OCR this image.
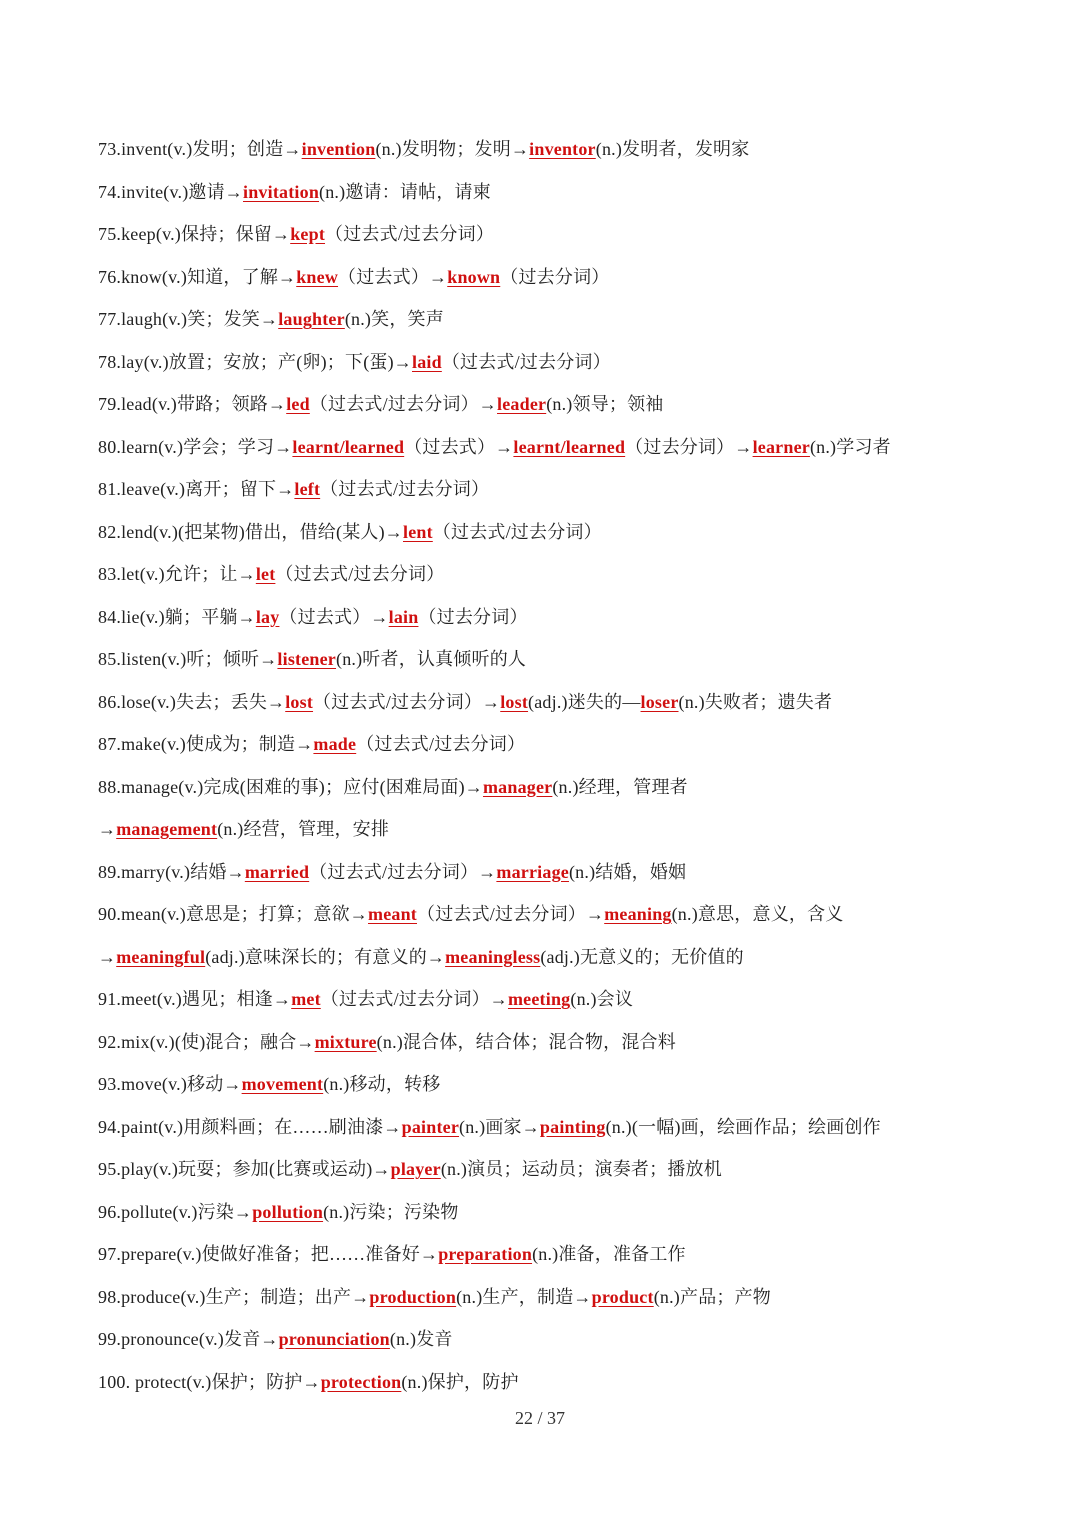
73.invent(v.)发明；创造→invention(n.)发明物；发明→inventor(n.)发明者，发明家
74.invite(v.)邀请→invitation(n.)邀请：请帖，请柬
75.keep(v.)保持；保留→kept（过去式/过去分词）
76.know(v.)知道，了解→knew（过去式）→known（过去分词）
77.laugh(v.)笑；发笑→laughter(n.)笑，笑声
78.lay(v.)放置；安放；产(卵)；下(蛋)→laid（过去式/过去分词）
79.lead(v.)带路；领路→led（过去式/过去分词）→leader(n.)领导；领袖
80.learn(v.)学会；学习→learnt/learned（过去式）→learnt/learned（过去分词）→learner(n.)学习者
81.leave(v.)离开；留下→left（过去式/过去分词）
82.lend(v.)(把某物)借出，借给(某人)→lent（过去式/过去分词）
83.let(v.)允许；让→let（过去式/过去分词）
84.lie(v.)躺；平躺→lay（过去式）→lain（过去分词）
85.listen(v.)听；倾听→listener(n.)听者，认真倾听的人
86.lose(v.)失去；丢失→lost（过去式/过去分词）→lost(adj.)迷失的—loser(n.)失败者；遗失者
87.make(v.)使成为；制造→made（过去式/过去分词）
88.manage(v.)完成(困难的事)；应付(困难局面)→manager(n.)经理，管理者
→management(n.)经营，管理，安排
89.marry(v.)结婚→married（过去式/过去分词）→marriage(n.)结婚，婚姻
90.mean(v.)意思是；打算；意欲→meant（过去式/过去分词）→meaning(n.)意思，意义，含义
→meaningful(adj.)意味深长的；有意义的→meaningless(adj.)无意义的；无价值的
91.meet(v.)遇见；相逢→met（过去式/过去分词）→meeting(n.)会议
92.mix(v.)(使)混合；融合→mixture(n.)混合体，结合体；混合物，混合料
93.move(v.)移动→movement(n.)移动，转移
94.paint(v.)用颜料画；在……刷油漆→painter(n.)画家→painting(n.)(一幅)画，绘画作品；绘画创作
95.play(v.)玩耍；参加(比赛或运动)→player(n.)演员；运动员；演奏者；播放机
96.pollute(v.)污染→pollution(n.)污染；污染物
97.prepare(v.)使做好准备；把……准备好→preparation(n.)准备，准备工作
98.produce(v.)生产；制造；出产→production(n.)生产，制造→product(n.)产品；产物
99.pronounce(v.)发音→pronunciation(n.)发音
100. protect(v.)保护；防护→protection(n.)保护，防护
22 / 37
